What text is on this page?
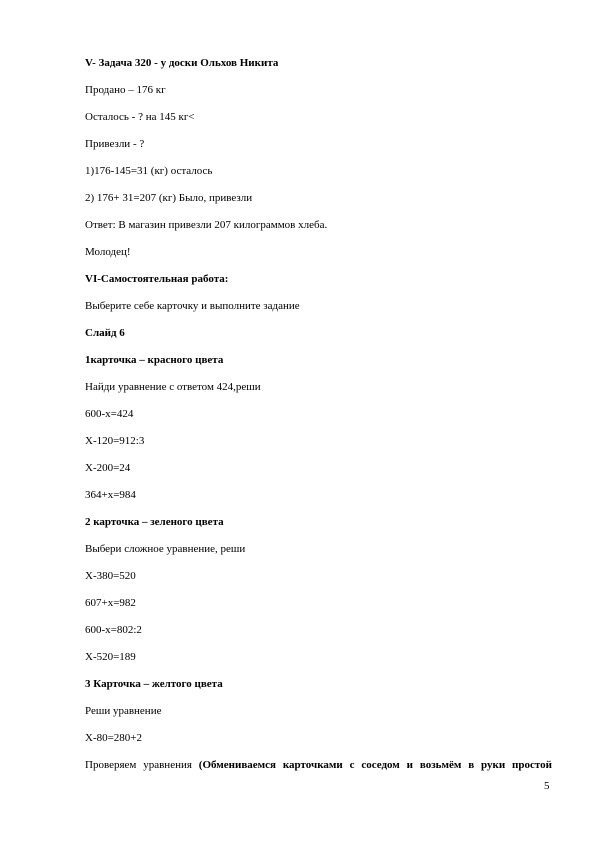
V- Задача 320 - у доски Ольхов Никита
Продано – 176 кг
Осталось - ? на 145 кг<
Привезли - ?
1)176-145=31 (кг) осталось
2) 176+ 31=207 (кг) Было, привезли
Ответ: В магазин привезли 207 килограммов хлеба.
Молодец!
VI-Самостоятельная работа:
Выберите себе карточку и выполните задание
Слайд 6
1карточка – красного цвета
Найди уравнение с ответом 424,реши
600-х=424
Х-120=912:3
Х-200=24
364+х=984
2 карточка – зеленого цвета
Выбери сложное уравнение, реши
Х-380=520
607+х=982
600-х=802:2
Х-520=189
3 Карточка – желтого цвета
Реши уравнение
Х-80=280+2
Проверяем уравнения (Обмениваемся карточками с соседом и возьмём в руки простой
5
